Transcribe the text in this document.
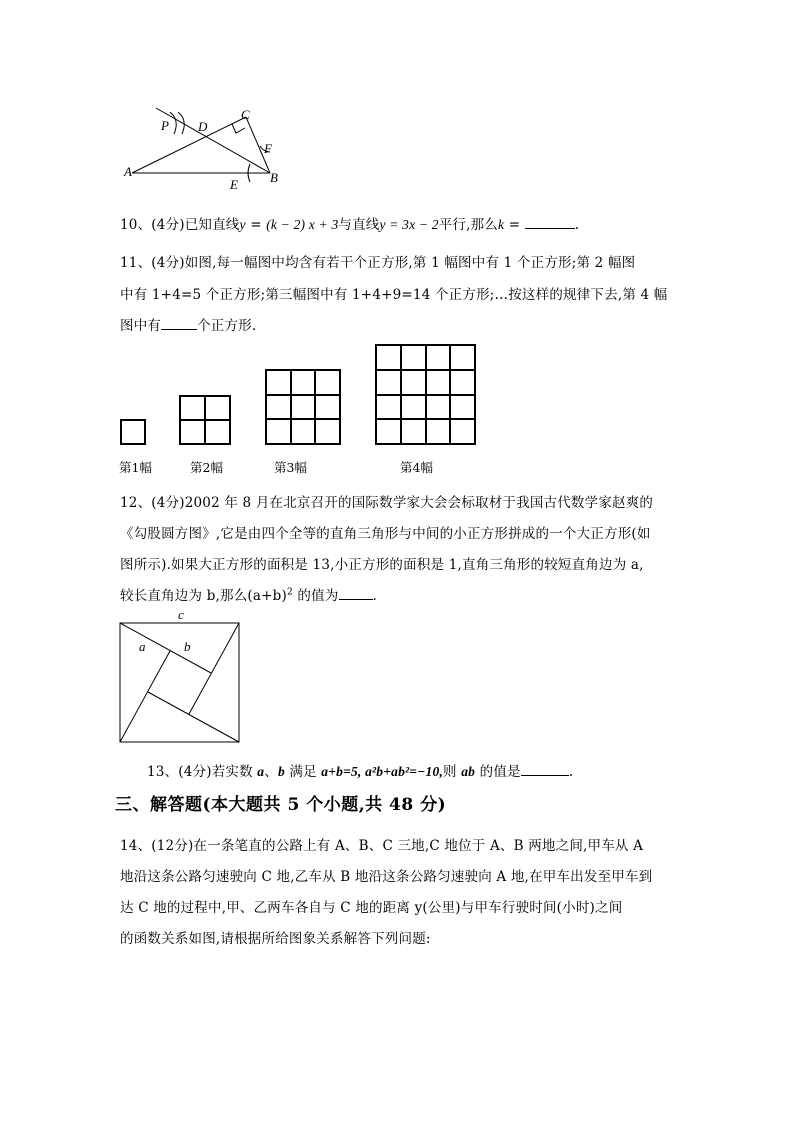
C
P D
F
A
E B
10、(4分)已知直线y = (k − 2) x + 3与直线y = 3x − 2平行,那么k =	.
11、(4分)如图,每一幅图中均含有若干个正方形,第 1 幅图中有 1 个正方形;第 2 幅图
中有 1+4=5 个正方形;第三幅图中有 1+4+9=14 个正方形;…按这样的规律下去,第 4 幅
图中有	个正方形.
第1幅	第2幅	第3幅	第4幅
12、(4分)2002 年 8 月在北京召开的国际数学家大会会标取材于我国古代数学家赵爽的
《勾股圆方图》,它是由四个全等的直角三角形与中间的小正方形拼成的一个大正方形(如
图所示).如果大正方形的面积是 13,小正方形的面积是 1,直角三角形的较短直角边为 a,
较长直角边为 b,那么$(a+b)^2$ 的值为	.
c
a	b
13、(4分)若实数 a、b 满足 a+b=5, a²b+ab²=−10,则 ab 的值是	.
三、解答题(本大题共 5 个小题,共 48 分)
14、(12分)在一条笔直的公路上有 A、B、C 三地,C 地位于 A、B 两地之间,甲车从 A
地沿这条公路匀速驶向 C 地,乙车从 B 地沿这条公路匀速驶向 A 地,在甲车出发至甲车到
达 C 地的过程中,甲、乙两车各自与 C 地的距离 y(公里)与甲车行驶时间(小时)之间
的函数关系如图,请根据所给图象关系解答下列问题:
